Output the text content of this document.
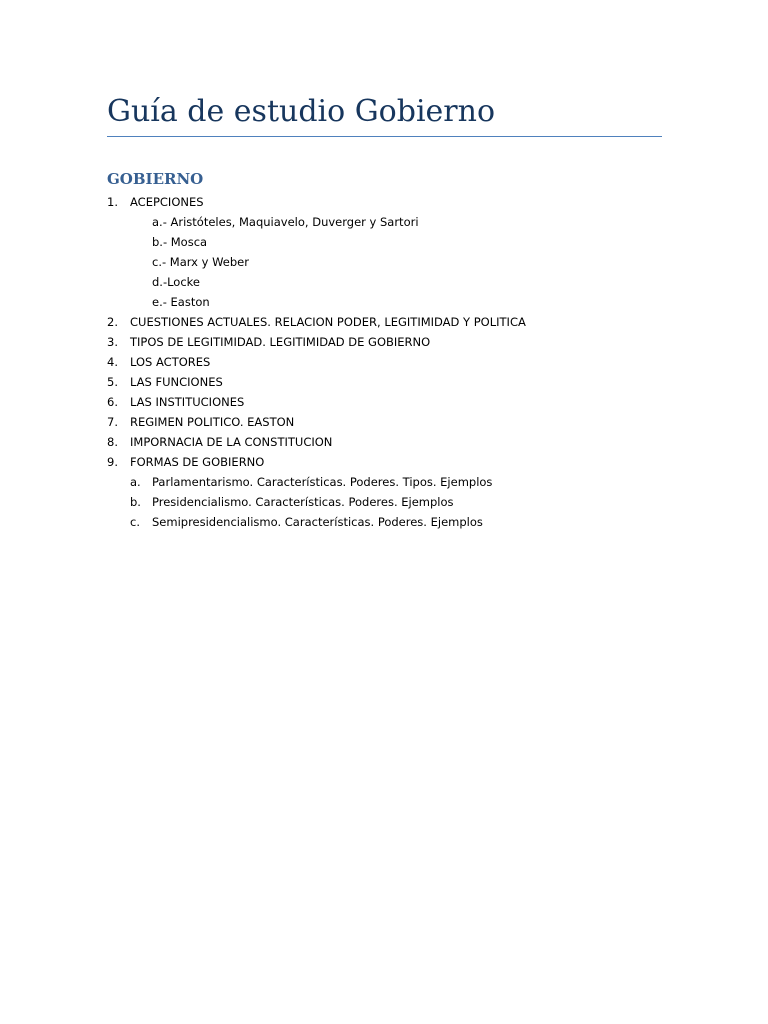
Guía de estudio Gobierno
GOBIERNO
1. ACEPCIONES
a.- Aristóteles, Maquiavelo, Duverger y Sartori
b.- Mosca
c.- Marx y Weber
d.-Locke
e.- Easton
2. CUESTIONES ACTUALES. RELACION PODER, LEGITIMIDAD Y POLITICA
3. TIPOS DE LEGITIMIDAD. LEGITIMIDAD DE GOBIERNO
4. LOS ACTORES
5. LAS FUNCIONES
6. LAS INSTITUCIONES
7. REGIMEN POLITICO. EASTON
8. IMPORNACIA DE LA CONSTITUCION
9. FORMAS DE GOBIERNO
a. Parlamentarismo. Características. Poderes. Tipos. Ejemplos
b. Presidencialismo. Características. Poderes. Ejemplos
c. Semipresidencialismo. Características. Poderes. Ejemplos
